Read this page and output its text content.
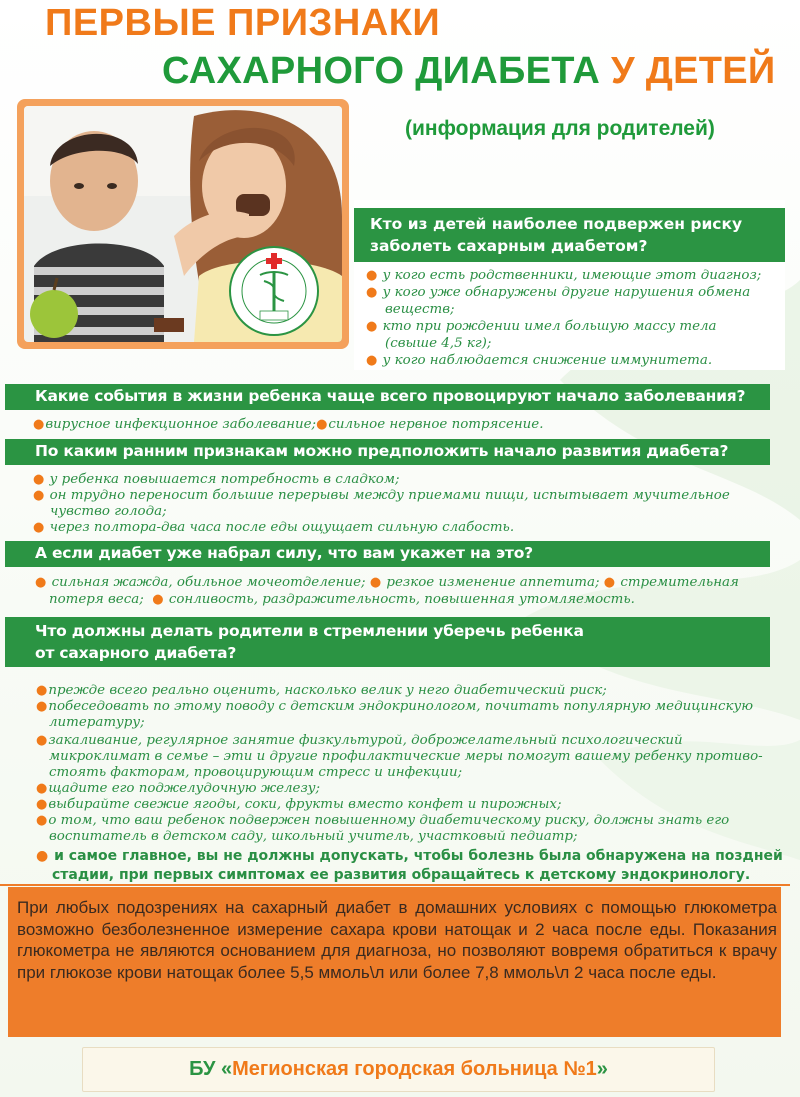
ПЕРВЫЕ ПРИЗНАКИ
САХАРНОГО ДИАБЕТА У ДЕТЕЙ
(информация для родителей)
Кто из детей наиболее подвержен риску
заболеть сахарным диабетом?
● у кого есть родственники, имеющие этот диагноз;
● у кого уже обнаружены другие нарушения обмена
веществ;
● кто при рождении имел большую массу тела
(свыше 4,5 кг);
● у кого наблюдается снижение иммунитета.
Какие события в жизни ребенка чаще всего провоцируют начало заболевания?
●вирусное инфекционное заболевание;●сильное нервное потрясение.
По каким ранним признакам можно предположить начало развития диабета?
● у ребенка повышается потребность в сладком;
● он трудно переносит большие перерывы между приемами пищи, испытывает мучительное
чувство голода;
● через полтора-два часа после еды ощущает сильную слабость.
А если диабет уже набрал силу, что вам укажет на это?
● сильная жажда, обильное мочеотделение; ● резкое изменение аппетита; ● стремительная
потеря веса; ● сонливость, раздражительность, повышенная утомляемость.
Что должны делать родители в стремлении уберечь ребенка
от сахарного диабета?
●прежде всего реально оценить, насколько велик у него диабетический риск;
●побеседовать по этому поводу с детским эндокринологом, почитать популярную медицинскую
литературу;
●закаливание, регулярное занятие физкультурой, доброжелательный психологический
микроклимат в семье – эти и другие профилактические меры помогут вашему ребенку противо-
стоять факторам, провоцирующим стресс и инфекции;
●щадите его поджелудочную железу;
●выбирайте свежие ягоды, соки, фрукты вместо конфет и пирожных;
●о том, что ваш ребенок подвержен повышенному диабетическому риску, должны знать его
воспитатель в детском саду, школьный учитель, участковый педиатр;
● и самое главное, вы не должны допускать, чтобы болезнь была обнаружена на поздней
стадии, при первых симптомах ее развития обращайтесь к детскому эндокринологу.
При любых подозрениях на сахарный диабет в домашних условиях с помощью глюкометра возможно безболезненное измерение сахара крови натощак и 2 часа после еды. Показания глюкометра не являются основанием для диагноза, но позволяют вовремя обратиться к врачу при глюкозе крови натощак более 5,5 ммоль\л или более 7,8 ммоль\л 2 часа после еды.
БУ «Мегионская городская больница №1»
